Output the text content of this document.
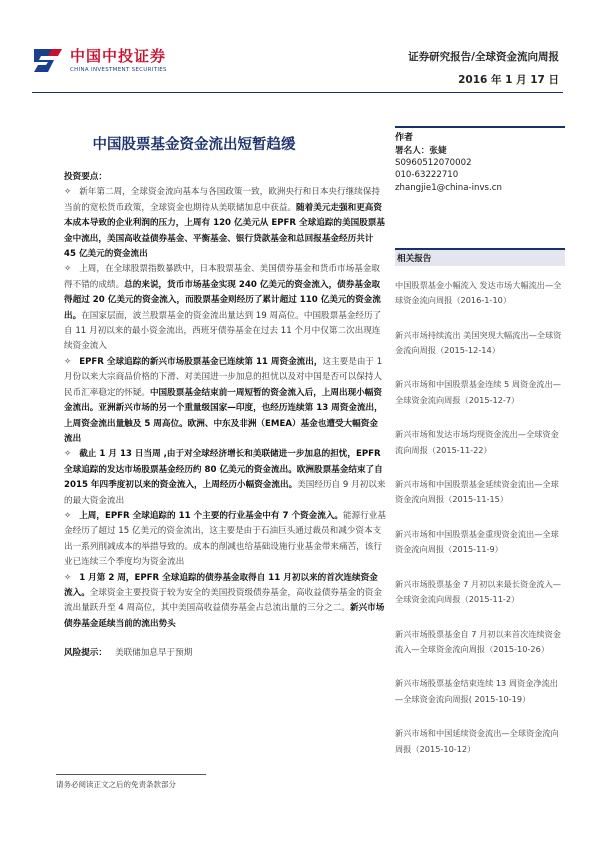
中国中投证券
CHINA INVESTMENT SECURITIES
证券研究报告/全球资金流向周报
2016 年 1 月 17 日
中国股票基金资金流出短暂趋缓
投资要点：
✧ 新年第二周，全球资金流向基本与各国政策一致，欧洲央行和日本央行继续保持当前的宽松货币政策，全球资金也期待从美联储加息中获益。随着美元走强和更高资本成本导致的企业利润的压力，上周有 120 亿美元从 EPFR 全球追踪的美国股票基金中流出，美国高收益债券基金、平衡基金、银行贷款基金和总回报基金经历共计 45 亿美元的资金流出
✧ 上周，在全球股票指数暴跌中，日本股票基金、美国债券基金和货币市场基金取得不错的成绩。总的来说，货币市场基金实现 240 亿美元的资金流入，债券基金取得超过 20 亿美元的资金流入，而股票基金则经历了累计超过 110 亿美元的资金流出。在国家层面，波兰股票基金的资金流出量达到 19 周高位。中国股票基金经历了自 11 月初以来的最小资金流出，西班牙债券基金在过去 11 个月中仅第二次出现连续资金流入
✧ EPFR 全球追踪的新兴市场股票基金已连续第 11 周资金流出，这主要是由于 1 月份以来大宗商品价格的下滑、对美国进一步加息的担忧以及对中国是否可以保持人民币汇率稳定的怀疑。中国股票基金结束前一周短暂的资金流入后，上周出现小幅资金流出。亚洲新兴市场的另一个重量级国家—印度，也经历连续第 13 周资金流出，上周资金流出量触及 5 周高位。欧洲、中东及非洲（EMEA）基金也遭受大幅资金流出
✧ 截止 1 月 13 日当周 ,由于对全球经济增长和美联储进一步加息的担忧，EPFR 全球追踪的发达市场股票基金经历约 80 亿美元的资金流出。欧洲股票基金结束了自 2015 年四季度初以来的资金流入，上周经历小幅资金流出。美国经历自 9 月初以来的最大资金流出
✧ 上周，EPFR 全球追踪的 11 个主要的行业基金中有 7 个资金流入。能源行业基金经历了超过 15 亿美元的资金流出，这主要是由于石油巨头通过裁员和减少资本支出一系列削减成本的举措导致的。成本的削减也给基础设施行业基金带来痛苦，该行业已连续三个季度均为资金流出
✧ 1 月第 2 周，EPFR 全球追踪的债券基金取得自 11 月初以来的首次连续资金流入。全球资金主要投资于较为安全的美国投资级债券基金，高收益债券基金的资金流出量跃升至 4 周高位，其中美国高收益债券基金占总流出量的三分之二。新兴市场债券基金延续当前的流出势头
风险提示： 美联储加息早于预期
请务必阅读正文之后的免责条款部分
作者
署名人：张婕
S0960512070002
010-63222710
zhangjie1@china-invs.cn
相关报告
中国股票基金小幅流入 发达市场大幅流出—全球资金流向周报（2016-1-10）
新兴市场持续流出 美国突现大幅流出—全球资金流向周报（2015-12-14）
新兴市场和中国股票基金连续 5 周资金流出—全球资金流向周报（2015-12-7）
新兴市场和发达市场均现资金流出—全球资金流向周报（2015-11-22）
新兴市场和中国股票基金延续资金流出—全球资金流向周报（2015-11-15）
新兴市场和中国股票基金重现资金流出—全球资金流向周报（2015-11-9）
新兴市场股票基金 7 月初以来最长资金流入—全球资金流向周报（2015-11-2）
新兴市场股票基金自 7 月初以来首次连续资金流入—全球资金流向周报（2015-10-26）
新兴市场股票基金结束连续 13 周资金净流出—全球资金流向周报( 2015-10-19）
新兴市场和中国延续资金流出—全球资金流向周报（2015-10-12）
